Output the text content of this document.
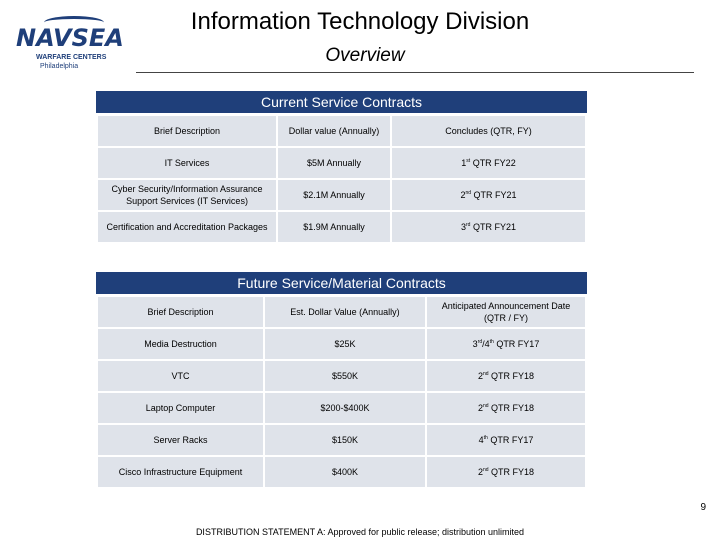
NAVSEA
WARFARE CENTERS
Philadelphia
Information Technology Division
Overview
Current Service Contracts
Brief Description	Dollar value (Annually)	Concludes (QTR, FY)
IT Services	$5M Annually	1st QTR FY22
Cyber Security/Information Assurance Support Services (IT Services)	$2.1M Annually	2nd QTR FY21
Certification and Accreditation Packages	$1.9M Annually	3rd QTR FY21
Future Service/Material Contracts
Brief Description	Est. Dollar Value (Annually)	Anticipated Announcement Date (QTR / FY)
Media Destruction	$25K	3rd/4th QTR FY17
VTC	$550K	2nd QTR FY18
Laptop Computer	$200-$400K	2nd QTR FY18
Server Racks	$150K	4th QTR FY17
Cisco Infrastructure Equipment	$400K	2nd QTR FY18
9
DISTRIBUTION STATEMENT A: Approved for public release; distribution unlimited
